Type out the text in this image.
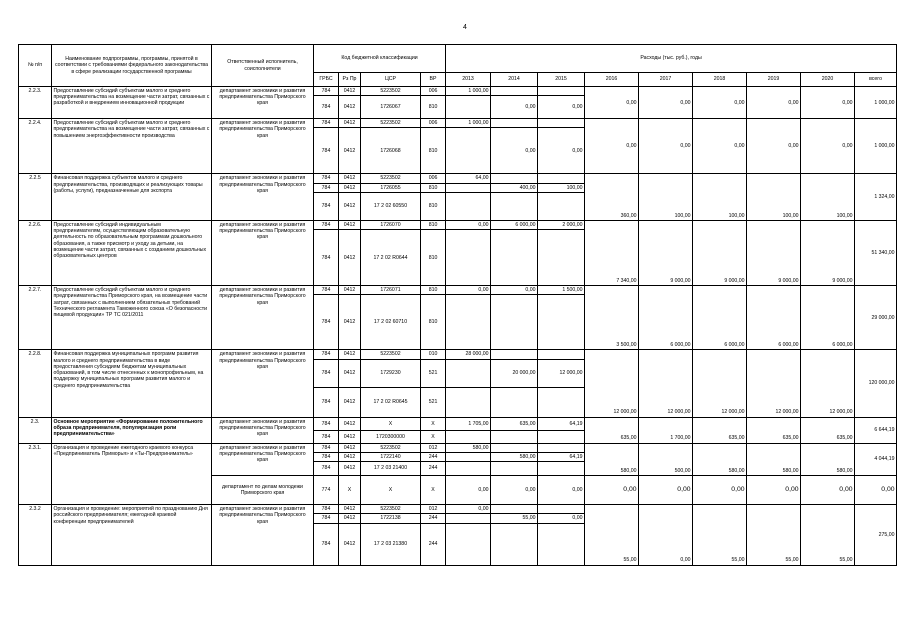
4
№ п/п	Наименование подпрограммы, программы, принятой в соответствии с требованиями федерального законодательства в сфере реализации государственной программы	Ответственный исполнитель, соисполнители	Код бюджетной классификации				Расходы (тыс. руб.), годы								
			ГРБС	Рз Пр	ЦСР	ВР	2013	2014	2015	2016	2017	2018	2019	2020	всего
2.2.3.	Предоставление субсидий субъектам малого и среднего предпринимательства на возмещение части затрат, связанных с разработкой и внедрением инновационной продукции	департамент экономики и развития предпринимательства Приморского края	784	0412	5223502	006	1 000,00			0,00	0,00	0,00	0,00	0,00	1 000,00
			784	0412	1726067	810		0,00	0,00						
2.2.4.	Предоставление субсидий субъектам малого и среднего предпринимательства на возмещение части затрат, связанных с повышением энергоэффективности производства	департамент экономики и развития предпринимательства Приморского края	784	0412	5223502	006	1 000,00			0,00	0,00	0,00	0,00	0,00	1 000,00
			784	0412	1726068	810		0,00	0,00						
2.2.5	Финансовая поддержка субъектов малого и среднего предпринимательства, производящих и реализующих товары (работы, услуги), предназначенные для экспорта	департамент экономики и развития предпринимательства Приморского края	784	0412	5223502	006	64,00			360,00	100,00	100,00	100,00	100,00	1 324,00
			784	0412	1726055	810		400,00	100,00						
			784	0412	17 2 02 60550	810									
2.2.6.	Предоставление субсидий индивидуальным предпринимателям, осуществляющим образовательную деятельность по образовательным программам дошкольного образования, а также присмотр и уходу за детьми, на возмещение части затрат, связанных с созданием дошкольных образовательных центров	департамент экономики и развития предпринимательства Приморского края	784	0412	1726070	810	0,00	6 000,00	2 000,00	7 340,00	9 000,00	9 000,00	9 000,00	9 000,00	51 340,00
			784	0412	17 2 02 R0644	810									
2.2.7.	Предоставление субсидий субъектам малого и среднего предпринимательства Приморского края, на возмещение части затрат, связанных с выполнением обязательных требований Технического регламента Таможенного союза «О безопасности пищевой продукции» ТР ТС 021/2011	департамент экономики и развития предпринимательства Приморского края	784	0412	1726071	810	0,00	0,00	1 500,00	3 500,00	6 000,00	6 000,00	6 000,00	6 000,00	29 000,00
			784	0412	17 2 02 60710	810									
2.2.8.	Финансовая поддержка муниципальных программ развития малого и среднего предпринимательства в виде предоставления субсидиям бюджетам муниципальных образований, в том числе отнесенных к монопрофильным, на поддержку муниципальных программ развития малого и среднего предпринимательства	департамент экономики и развития предпринимательства Приморского края	784	0412	5223502	010	28 000,00			12 000,00	12 000,00	12 000,00	12 000,00	12 000,00	120 000,00
			784	0412	1729230	521		20 000,00	12 000,00						
			784	0412	17 2 02 R0645	521									
2.3.	Основное мероприятие «Формирование положительного образа предпринимателя, популяризация роли предпринимательства»	департамент экономики и развития предпринимательства Приморского края	784	0412	Х	Х	1 705,00	635,00	64,19	635,00	1 700,00	635,00	635,00	635,00	6 644,19
			784	0412	1720300000	Х									
2.3.1.	Организация и проведение ежегодного краевого конкурса «Предприниматель Приморья» и «Ты-Предприниматель»	департамент экономики и развития предпринимательства Приморского края	784	0412	5223502	012	580,00			580,00	500,00	580,00	580,00	580,00	4 044,19
			784	0412	1722140	244		580,00	64,19						
			784	0412	17 2 03 21400	244									
		департамент по делам молодежи Приморского края	774	Х	Х	Х	0,00	0,00	0,00	0,00	0,00	0,00	0,00	0,00	0,00
2.3.2	Организация и проведение: мероприятий по празднованию Дня российского предпринимателя; ежегодной краевой конференции предпринимателей	департамент экономики и развития предпринимательства Приморского края	784	0412	5223502	012	0,00			55,00	0,00	55,00	55,00	55,00	275,00
			784	0412	1722138	244		55,00	0,00						
			784	0412	17 2 03 21380	244									
